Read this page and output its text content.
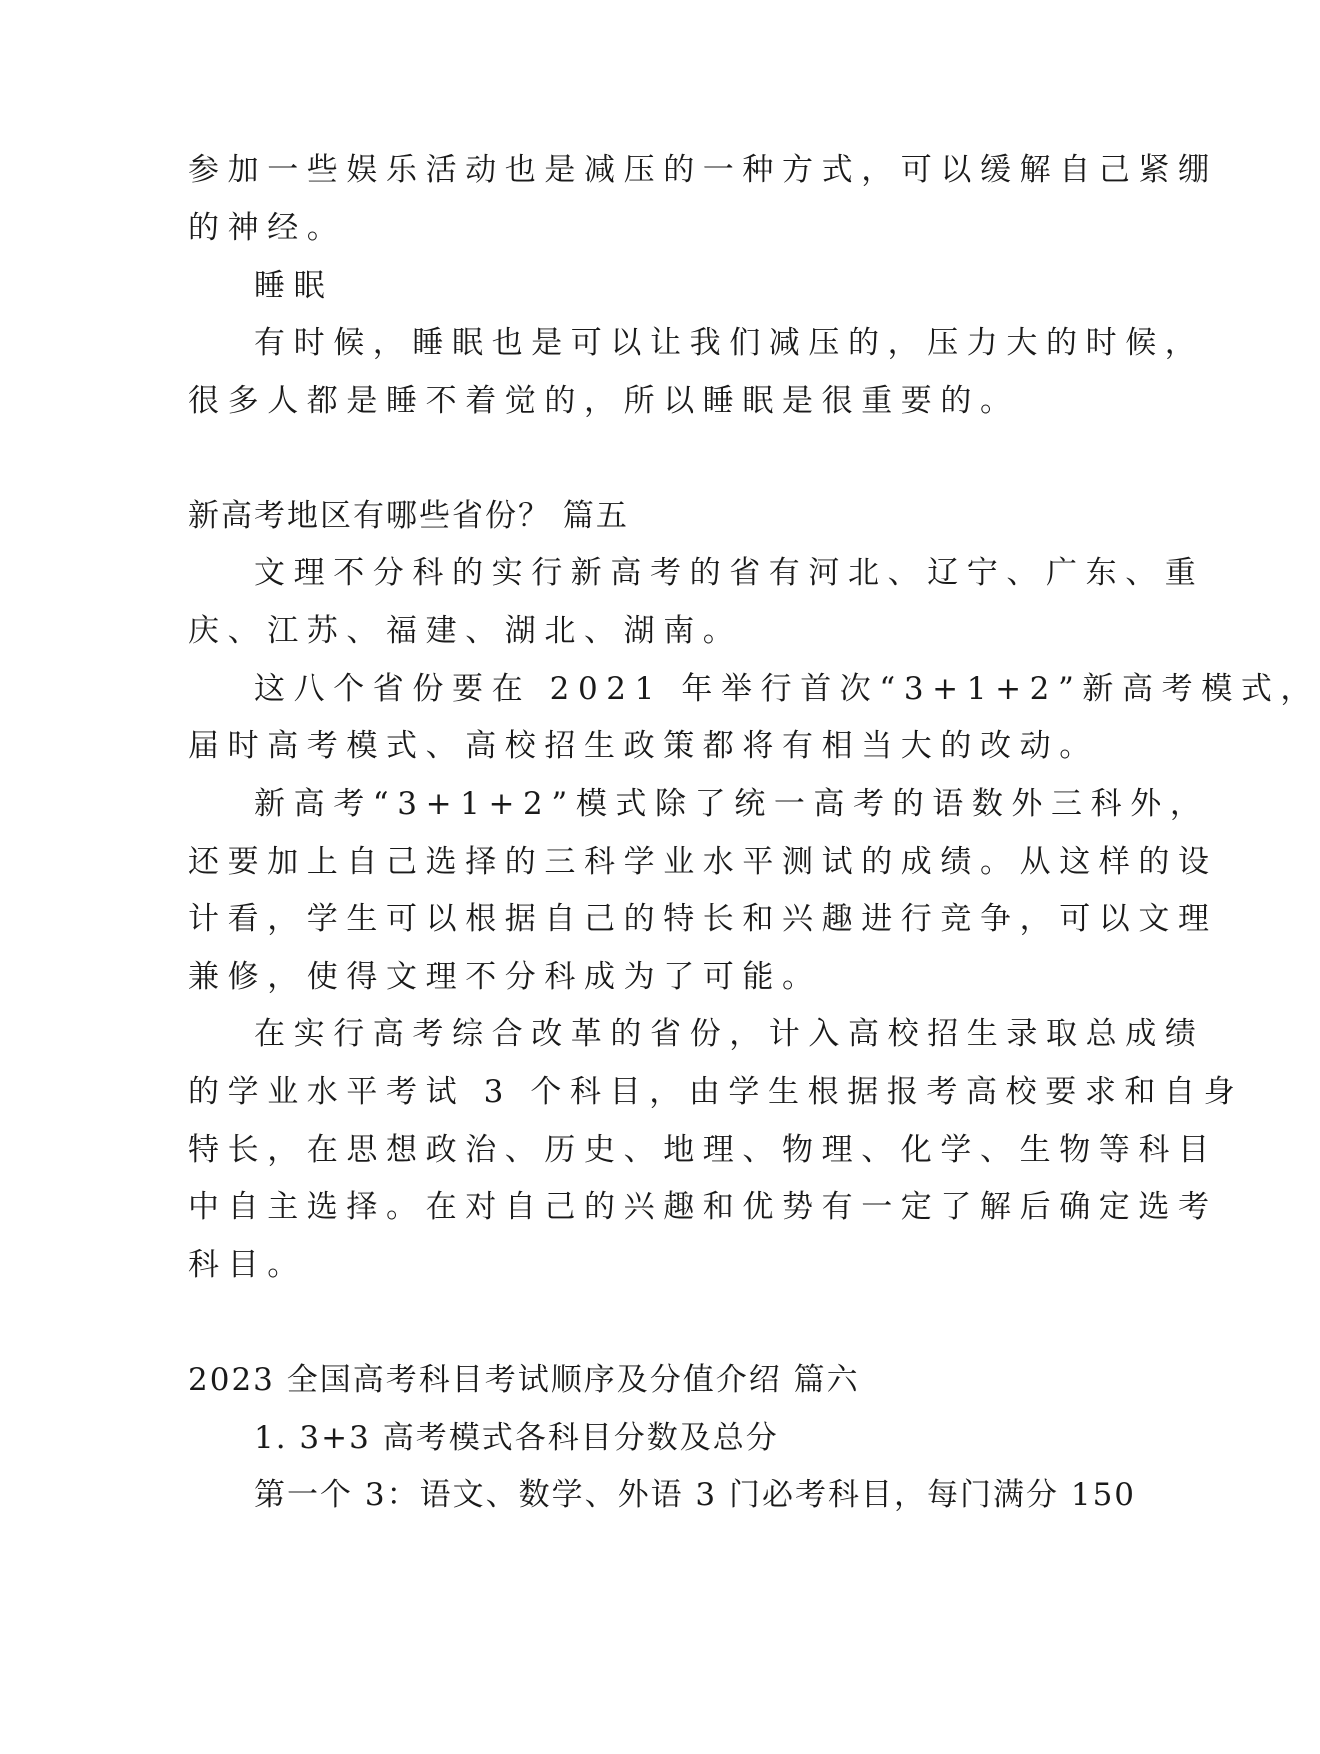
参加一些娱乐活动也是减压的一种方式，可以缓解自己紧绷
的神经。
睡眠
有时候，睡眠也是可以让我们减压的，压力大的时候，
很多人都是睡不着觉的，所以睡眠是很重要的。
新高考地区有哪些省份？ 篇五
文理不分科的实行新高考的省有河北、辽宁、广东、重
庆、江苏、福建、湖北、湖南。
这八个省份要在 2021 年举行首次“3+1+2”新高考模式，
届时高考模式、高校招生政策都将有相当大的改动。
新高考“3+1+2”模式除了统一高考的语数外三科外，
还要加上自己选择的三科学业水平测试的成绩。从这样的设
计看，学生可以根据自己的特长和兴趣进行竞争，可以文理
兼修，使得文理不分科成为了可能。
在实行高考综合改革的省份，计入高校招生录取总成绩
的学业水平考试 3 个科目，由学生根据报考高校要求和自身
特长，在思想政治、历史、地理、物理、化学、生物等科目
中自主选择。在对自己的兴趣和优势有一定了解后确定选考
科目。
2023 全国高考科目考试顺序及分值介绍 篇六
1. 3+3 高考模式各科目分数及总分
第一个 3：语文、数学、外语 3 门必考科目，每门满分 150
